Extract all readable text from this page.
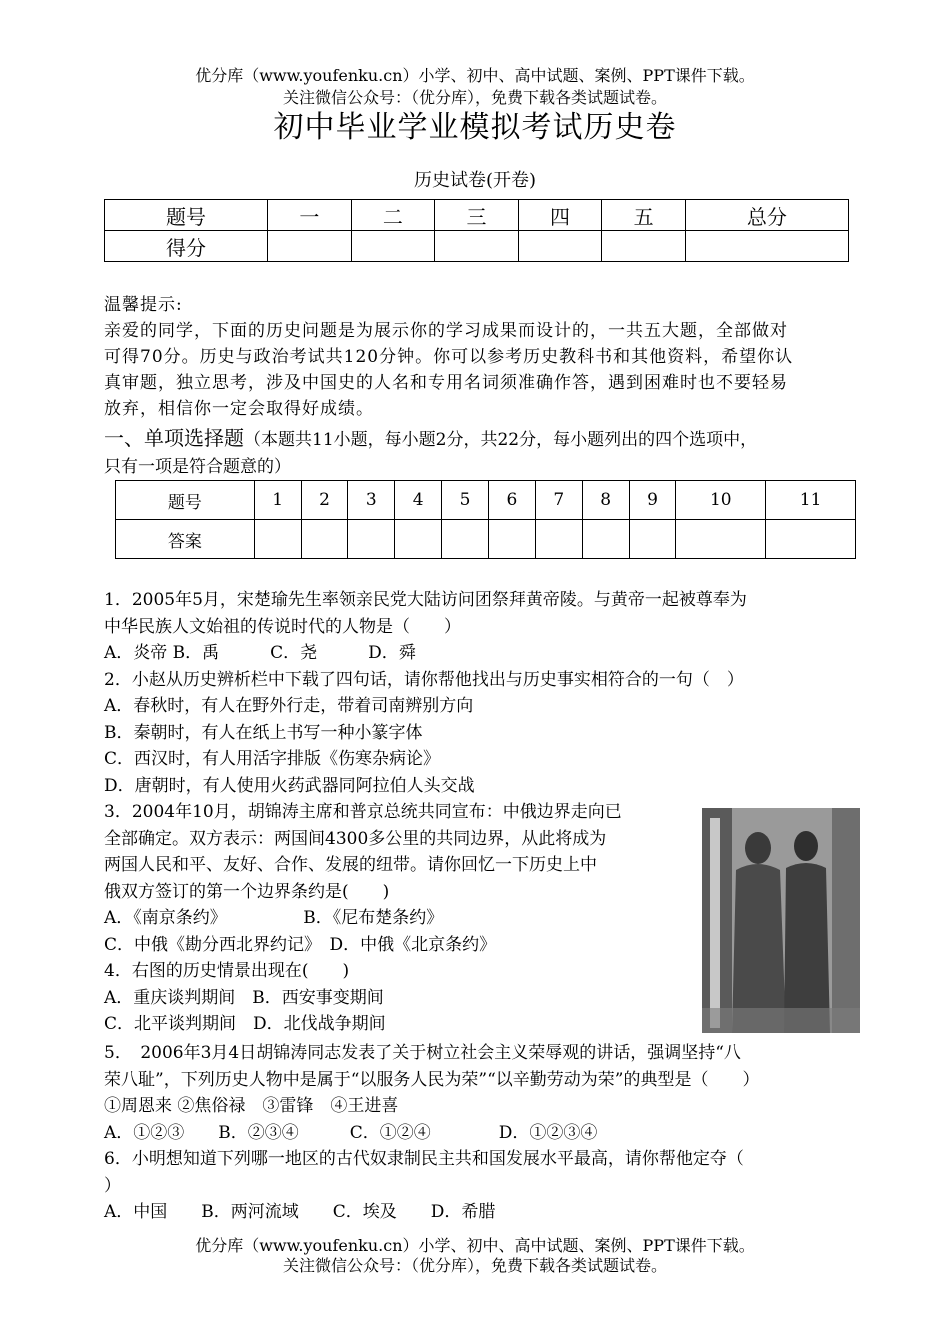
优分库（www.youfenku.cn）小学、初中、高中试题、案例、PPT课件下载。
关注微信公众号：（优分库），免费下载各类试题试卷。
初中毕业学业模拟考试历史卷
历史试卷(开卷)
题号	一	二	三	四	五	总分
得分						
温馨提示:
亲爱的同学，下面的历史问题是为展示你的学习成果而设计的，一共五大题，全部做对
可得70分。历史与政治考试共120分钟。你可以参考历史教科书和其他资料，希望你认
真审题，独立思考，涉及中国史的人名和专用名词须准确作答，遇到困难时也不要轻易
放弃，相信你一定会取得好成绩。
一、单项选择题（本题共11小题，每小题2分，共22分，每小题列出的四个选项中，
只有一项是符合题意的）
题号	1	2	3	4	5	6	7	8	9	10	11
答案											
1．2005年5月，宋楚瑜先生率领亲民党大陆访问团祭拜黄帝陵。与黄帝一起被尊奉为
中华民族人文始祖的传说时代的人物是（　　）
A．炎帝 B．禹　　　C．尧　　　D．舜
2．小赵从历史辨析栏中下载了四句话，请你帮他找出与历史事实相符合的一句（　）
A．春秋时，有人在野外行走，带着司南辨别方向
B．秦朝时，有人在纸上书写一种小篆字体
C．西汉时，有人用活字排版《伤寒杂病论》
D．唐朝时，有人使用火药武器同阿拉伯人头交战
3．2004年10月，胡锦涛主席和普京总统共同宣布：中俄边界走向已
全部确定。双方表示：两国间4300多公里的共同边界，从此将成为
两国人民和平、友好、合作、发展的纽带。请你回忆一下历史上中
俄双方签订的第一个边界条约是(　　)
A．《南京条约》　　　　　B．《尼布楚条约》
C．中俄《勘分西北界约记》　D．中俄《北京条约》
4．右图的历史情景出现在(　　)
A．重庆谈判期间　B．西安事变期间
C．北平谈判期间　D．北伐战争期间
5．　2006年3月4日胡锦涛同志发表了关于树立社会主义荣辱观的讲话，强调坚持“八
荣八耻”，下列历史人物中是属于“以服务人民为荣”“以辛勤劳动为荣”的典型是（　　）
①周恩来 ②焦俗禄　③雷锋　④王进喜
A．①②③　　B．②③④　　　C．①②④　　　　D．①②③④
6．小明想知道下列哪一地区的古代奴隶制民主共和国发展水平最高，请你帮他定夺（
）
A．中国　　B．两河流域　　C．埃及　　D．希腊
优分库（www.youfenku.cn）小学、初中、高中试题、案例、PPT课件下载。
关注微信公众号：（优分库），免费下载各类试题试卷。
